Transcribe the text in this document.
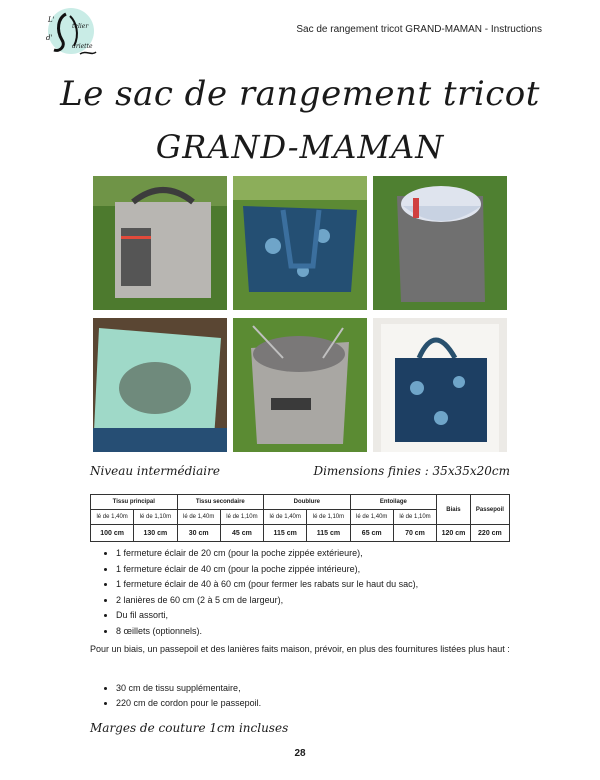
L'
telier
d'
driette
Sac de rangement tricot GRAND-MAMAN - Instructions
Le sac de rangement tricot
GRAND-MAMAN
Niveau intermédiaire	Dimensions finies : 35x35x20cm
Tissu principal		Tissu secondaire		Doublure		Entoilage		Biais	Passepoil
lé de 1,40m	lé de 1,10m	lé de 1,40m	lé de 1,10m	lé de 1,40m	lé de 1,10m	lé de 1,40m	lé de 1,10m		
100 cm	130 cm	30 cm	45 cm	115 cm	115 cm	65 cm	70 cm	120 cm	220 cm
• 1 fermeture éclair de 20 cm (pour la poche zippée extérieure),
• 1 fermeture éclair de 40 cm (pour la poche zippée intérieure),
• 1 fermeture éclair de 40 à 60 cm (pour fermer les rabats sur le haut du sac),
• 2 lanières de 60 cm (2 à 5 cm de largeur),
• Du fil assorti,
• 8 œillets (optionnels).

Pour un biais, un passepoil et des lanières faits maison, prévoir, en plus des fournitures listées plus haut :

• 30 cm de tissu supplémentaire,
• 220 cm de cordon pour le passepoil.
Marges de couture 1cm incluses
28
